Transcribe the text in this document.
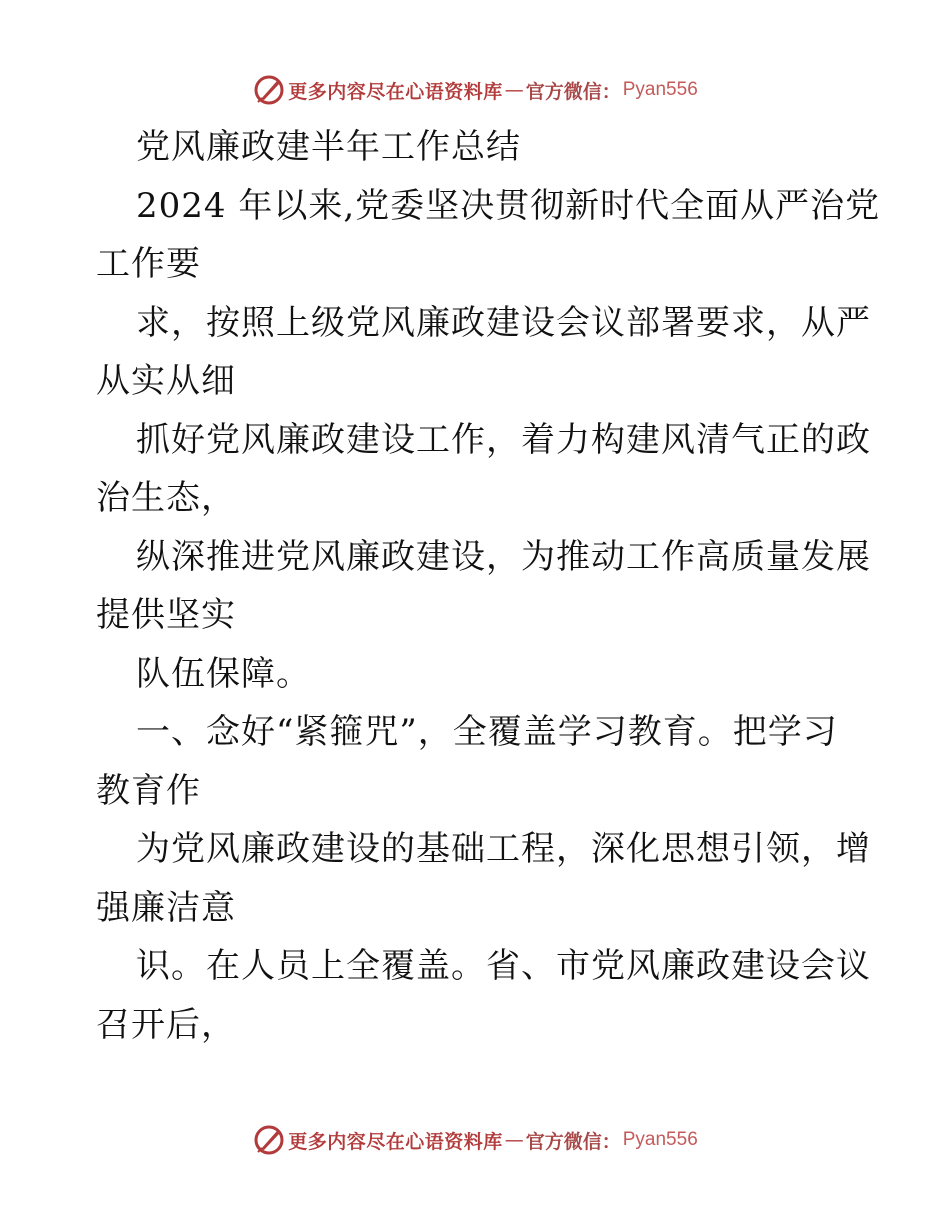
更多内容尽在心语资料库 — 官方微信： Pyan556
党风廉政建半年工作总结
2024 年以来,党委坚决贯彻新时代全面从严治党
工作要
求，按照上级党风廉政建设会议部署要求，从严
从实从细
抓好党风廉政建设工作，着力构建风清气正的政
治生态，
纵深推进党风廉政建设，为推动工作高质量发展
提供坚实
队伍保障。
一、念好“紧箍咒”，全覆盖学习教育。把学习
教育作
为党风廉政建设的基础工程，深化思想引领，增
强廉洁意
识。在人员上全覆盖。省、市党风廉政建设会议
召开后，
更多内容尽在心语资料库 — 官方微信： Pyan556
